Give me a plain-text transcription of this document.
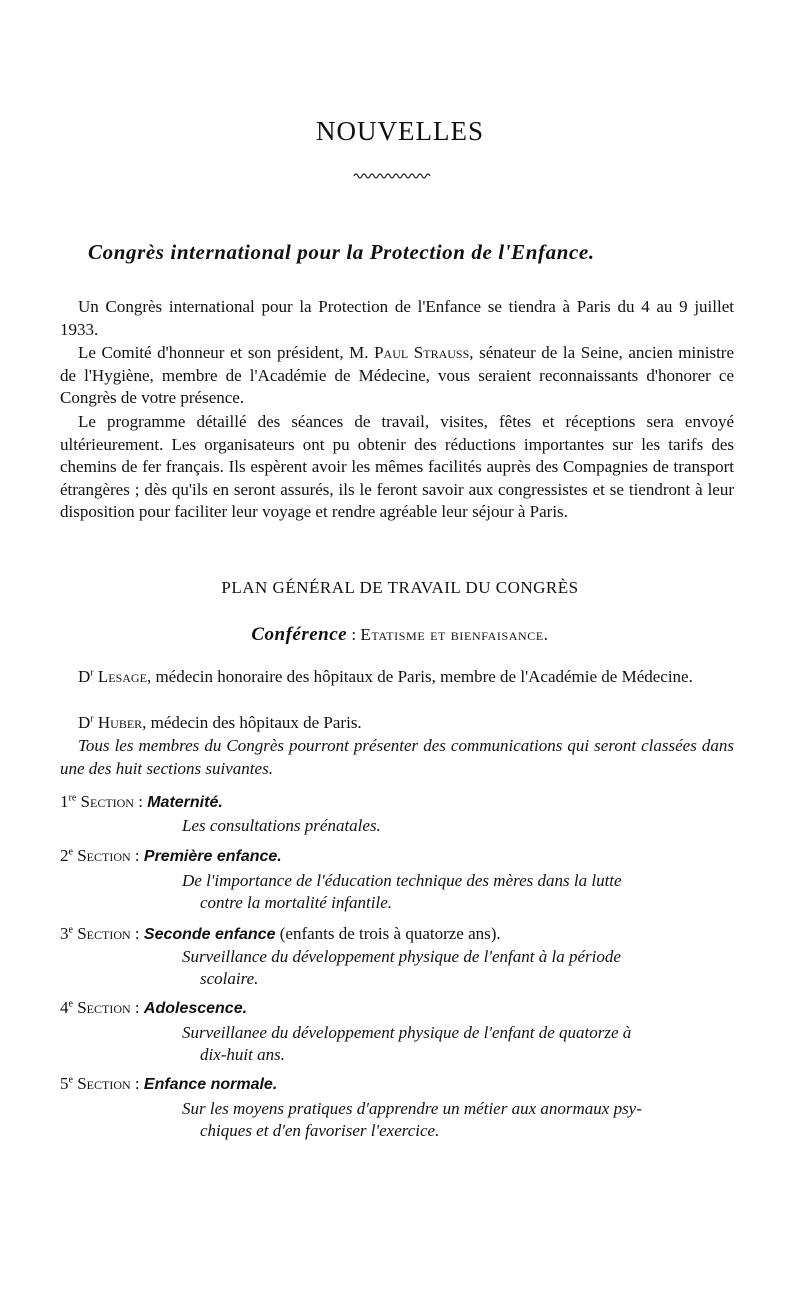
NOUVELLES
Congrès international pour la Protection de l'Enfance.

Un Congrès international pour la Protection de l'Enfance se tiendra à Paris du 4 au 9 juillet 1933.

Le Comité d'honneur et son président, M. Paul Strauss, sénateur de la Seine, ancien ministre de l'Hygiène, membre de l'Académie de Médecine, vous seraient reconnaissants d'honorer ce Congrès de votre présence.

Le programme détaillé des séances de travail, visites, fêtes et réceptions sera envoyé ultérieurement. Les organisateurs ont pu obtenir des réductions importantes sur les tarifs des chemins de fer français. Ils espèrent avoir les mêmes facilités auprès des Compagnies de transport étrangères ; dès qu'ils en seront assurés, ils le feront savoir aux congressistes et se tiendront à leur disposition pour faciliter leur voyage et rendre agréable leur séjour à Paris.

PLAN GÉNÉRAL DE TRAVAIL DU CONGRÈS
Conférence : Etatisme et bienfaisance.

$D^r$ Lesage, médecin honoraire des hôpitaux de Paris, membre de l'Académie de Médecine.

$D^r$ Huber, médecin des hôpitaux de Paris.

Tous les membres du Congrès pourront présenter des communications qui seront classées dans une des huit sections suivantes.

1re Section : Maternité.
Les consultations prénatales.
2e Section : Première enfance.
De l'importance de l'éducation technique des mères dans la lutte
contre la mortalité infantile.
3e Section : Seconde enfance (enfants de trois à quatorze ans).
Surveillance du développement physique de l'enfant à la période
scolaire.
4e Section : Adolescence.
Surveillanee du développement physique de l'enfant de quatorze à
dix-huit ans.
5e Section : Enfance normale.
Sur les moyens pratiques d'apprendre un métier aux anormaux psy-
chiques et d'en favoriser l'exercice.
